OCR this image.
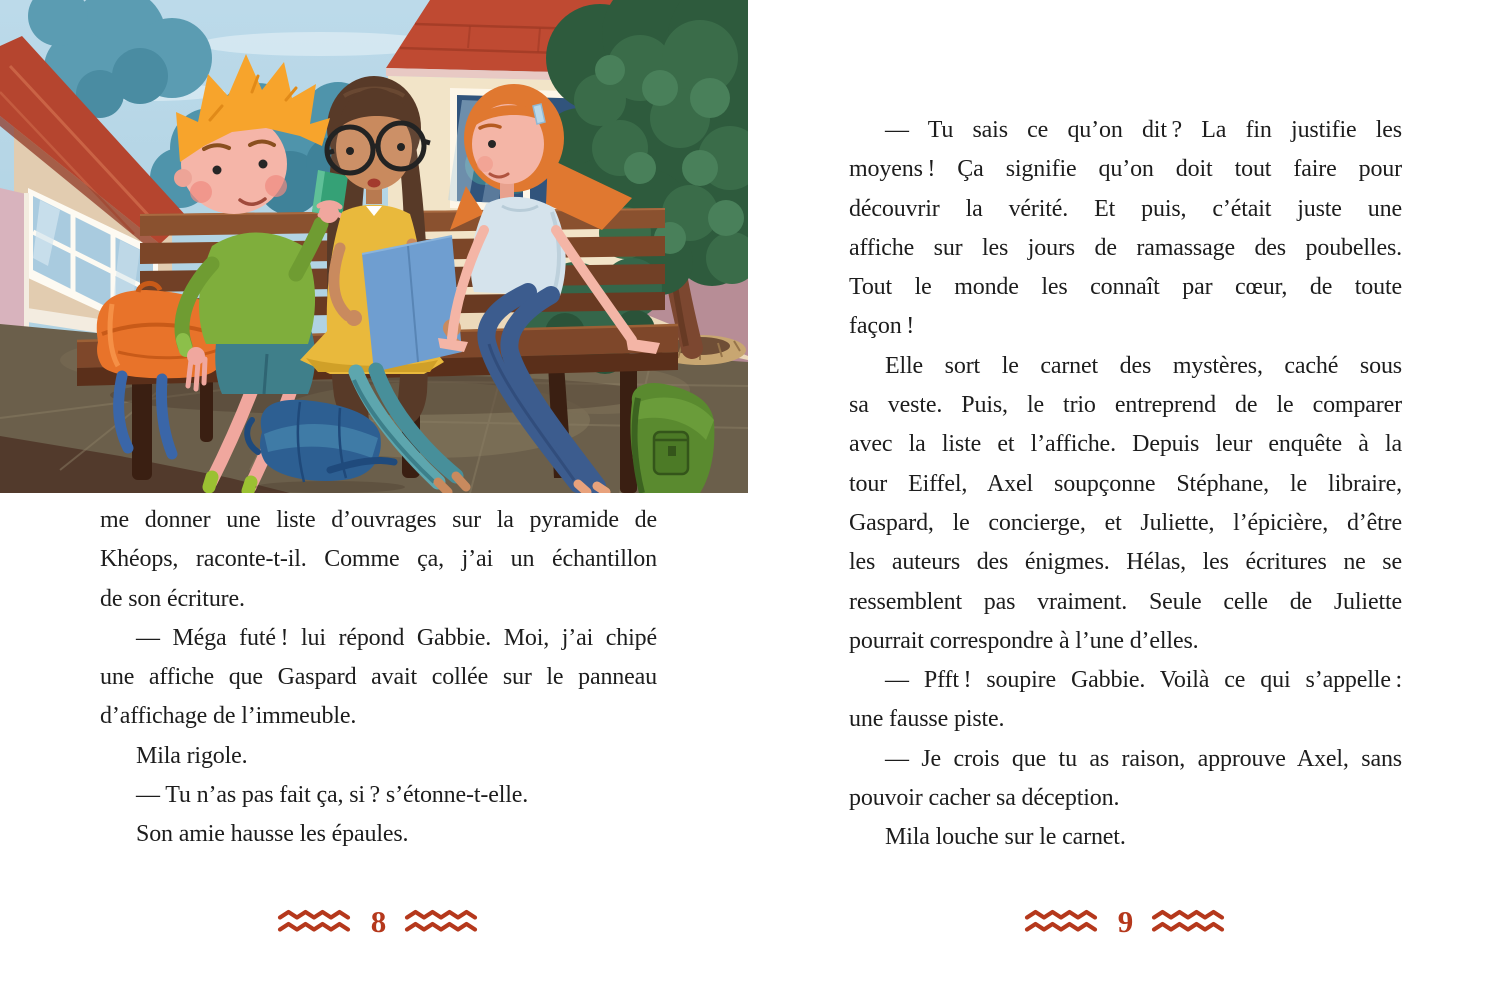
me donner une liste d’ouvrages sur la pyramide de
Khéops, raconte-t-il. Comme ça, j’ai un échantillon
de son écriture.
— Méga futé ! lui répond Gabbie. Moi, j’ai chipé
une affiche que Gaspard avait collée sur le panneau
d’affichage de l’immeuble.
Mila rigole.
— Tu n’as pas fait ça, si ? s’étonne-t-elle.
Son amie hausse les épaules.
— Tu sais ce qu’on dit ? La fin justifie les
moyens ! Ça signifie qu’on doit tout faire pour
découvrir la vérité. Et puis, c’était juste une
affiche sur les jours de ramassage des poubelles.
Tout le monde les connaît par cœur, de toute
façon !
Elle sort le carnet des mystères, caché sous
sa veste. Puis, le trio entreprend de le comparer
avec la liste et l’affiche. Depuis leur enquête à la
tour Eiffel, Axel soupçonne Stéphane, le libraire,
Gaspard, le concierge, et Juliette, l’épicière, d’être
les auteurs des énigmes. Hélas, les écritures ne se
ressemblent pas vraiment. Seule celle de Juliette
pourrait correspondre à l’une d’elles.
— Pfft ! soupire Gabbie. Voilà ce qui s’appelle :
une fausse piste.
— Je crois que tu as raison, approuve Axel, sans
pouvoir cacher sa déception.
Mila louche sur le carnet.
8	9
